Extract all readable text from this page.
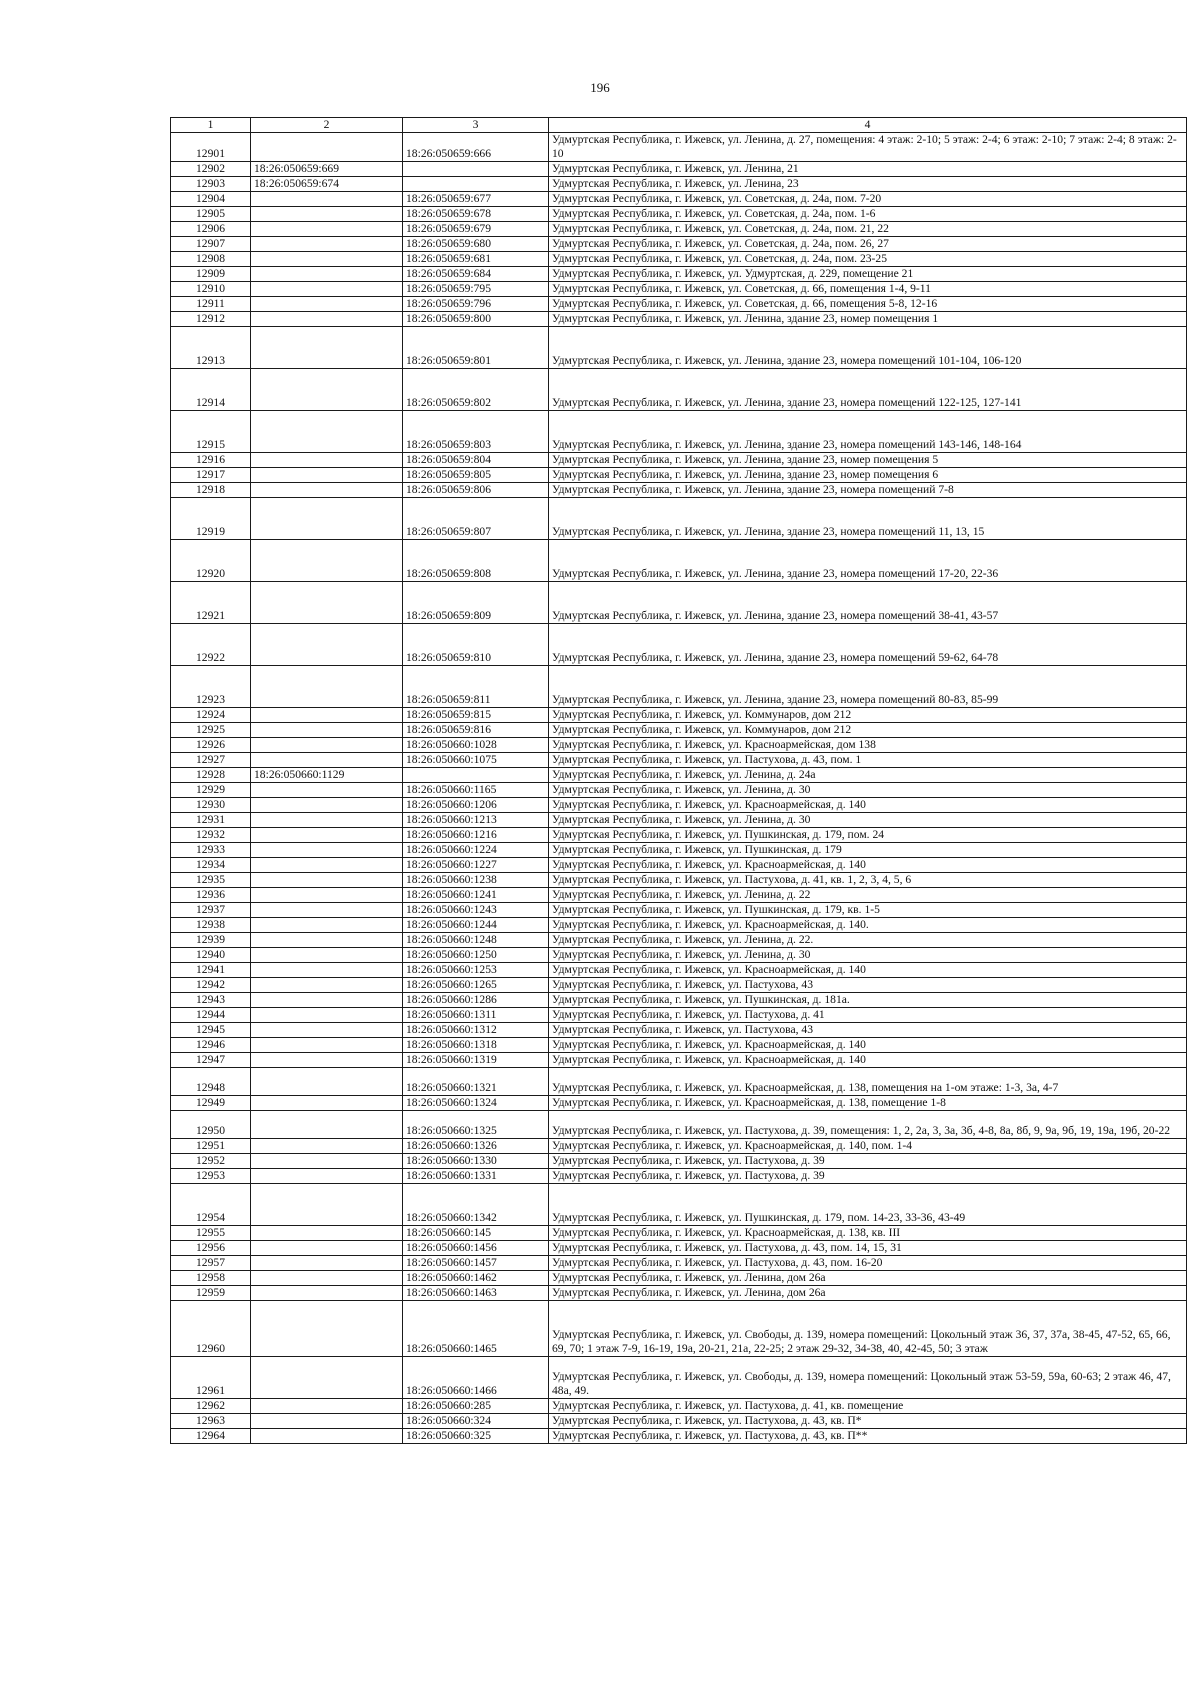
196
1	2	3	4
12901		18:26:050659:666	Удмуртская Республика, г. Ижевск, ул. Ленина, д. 27, помещения: 4 этаж: 2-10; 5 этаж: 2-4; 6 этаж: 2-10; 7 этаж: 2-4; 8 этаж: 2-10
12902	18:26:050659:669		Удмуртская Республика, г. Ижевск, ул. Ленина, 21
12903	18:26:050659:674		Удмуртская Республика, г. Ижевск, ул. Ленина, 23
12904		18:26:050659:677	Удмуртская Республика, г. Ижевск, ул. Советская, д. 24а, пом. 7-20
12905		18:26:050659:678	Удмуртская Республика, г. Ижевск, ул. Советская, д. 24а, пом. 1-6
12906		18:26:050659:679	Удмуртская Республика, г. Ижевск, ул. Советская, д. 24а, пом. 21, 22
12907		18:26:050659:680	Удмуртская Республика, г. Ижевск, ул. Советская, д. 24а, пом. 26, 27
12908		18:26:050659:681	Удмуртская Республика, г. Ижевск, ул. Советская, д. 24а, пом. 23-25
12909		18:26:050659:684	Удмуртская Республика, г. Ижевск, ул. Удмуртская, д. 229, помещение 21
12910		18:26:050659:795	Удмуртская Республика, г. Ижевск, ул. Советская, д. 66, помещения 1-4, 9-11
12911		18:26:050659:796	Удмуртская Республика, г. Ижевск, ул. Советская, д. 66, помещения 5-8, 12-16
12912		18:26:050659:800	Удмуртская Республика, г. Ижевск, ул. Ленина, здание 23, номер помещения 1
12913		18:26:050659:801	Удмуртская Республика, г. Ижевск, ул. Ленина, здание 23, номера помещений 101-104, 106-120
12914		18:26:050659:802	Удмуртская Республика, г. Ижевск, ул. Ленина, здание 23, номера помещений 122-125, 127-141
12915		18:26:050659:803	Удмуртская Республика, г. Ижевск, ул. Ленина, здание 23, номера помещений 143-146, 148-164
12916		18:26:050659:804	Удмуртская Республика, г. Ижевск, ул. Ленина, здание 23, номер помещения 5
12917		18:26:050659:805	Удмуртская Республика, г. Ижевск, ул. Ленина, здание 23, номер помещения 6
12918		18:26:050659:806	Удмуртская Республика, г. Ижевск, ул. Ленина, здание 23, номера помещений 7-8
12919		18:26:050659:807	Удмуртская Республика, г. Ижевск, ул. Ленина, здание 23, номера помещений 11, 13, 15
12920		18:26:050659:808	Удмуртская Республика, г. Ижевск, ул. Ленина, здание 23, номера помещений 17-20, 22-36
12921		18:26:050659:809	Удмуртская Республика, г. Ижевск, ул. Ленина, здание 23, номера помещений 38-41, 43-57
12922		18:26:050659:810	Удмуртская Республика, г. Ижевск, ул. Ленина, здание 23, номера помещений 59-62, 64-78
12923		18:26:050659:811	Удмуртская Республика, г. Ижевск, ул. Ленина, здание 23, номера помещений 80-83, 85-99
12924		18:26:050659:815	Удмуртская Республика, г. Ижевск, ул. Коммунаров, дом 212
12925		18:26:050659:816	Удмуртская Республика, г. Ижевск, ул. Коммунаров, дом 212
12926		18:26:050660:1028	Удмуртская Республика, г. Ижевск, ул. Красноармейская, дом 138
12927		18:26:050660:1075	Удмуртская Республика, г. Ижевск, ул. Пастухова, д. 43, пом. 1
12928	18:26:050660:1129		Удмуртская Республика, г. Ижевск, ул. Ленина, д. 24а
12929		18:26:050660:1165	Удмуртская Республика, г. Ижевск, ул. Ленина, д. 30
12930		18:26:050660:1206	Удмуртская Республика, г. Ижевск, ул. Красноармейская, д. 140
12931		18:26:050660:1213	Удмуртская Республика, г. Ижевск, ул. Ленина, д. 30
12932		18:26:050660:1216	Удмуртская Республика, г. Ижевск, ул. Пушкинская, д. 179, пом. 24
12933		18:26:050660:1224	Удмуртская Республика, г. Ижевск, ул. Пушкинская, д. 179
12934		18:26:050660:1227	Удмуртская Республика, г. Ижевск, ул. Красноармейская, д. 140
12935		18:26:050660:1238	Удмуртская Республика, г. Ижевск, ул. Пастухова, д. 41, кв. 1, 2, 3, 4, 5, 6
12936		18:26:050660:1241	Удмуртская Республика, г. Ижевск, ул. Ленина, д. 22
12937		18:26:050660:1243	Удмуртская Республика, г. Ижевск, ул. Пушкинская, д. 179, кв. 1-5
12938		18:26:050660:1244	Удмуртская Республика, г. Ижевск, ул. Красноармейская, д. 140.
12939		18:26:050660:1248	Удмуртская Республика, г. Ижевск, ул. Ленина, д. 22.
12940		18:26:050660:1250	Удмуртская Республика, г. Ижевск, ул. Ленина, д. 30
12941		18:26:050660:1253	Удмуртская Республика, г. Ижевск, ул. Красноармейская, д. 140
12942		18:26:050660:1265	Удмуртская Республика, г. Ижевск, ул. Пастухова, 43
12943		18:26:050660:1286	Удмуртская Республика, г. Ижевск, ул. Пушкинская, д. 181а.
12944		18:26:050660:1311	Удмуртская Республика, г. Ижевск, ул. Пастухова, д. 41
12945		18:26:050660:1312	Удмуртская Республика, г. Ижевск, ул. Пастухова, 43
12946		18:26:050660:1318	Удмуртская Республика, г. Ижевск, ул. Красноармейская, д. 140
12947		18:26:050660:1319	Удмуртская Республика, г. Ижевск, ул. Красноармейская, д. 140
12948		18:26:050660:1321	Удмуртская Республика, г. Ижевск, ул. Красноармейская, д. 138, помещения на 1-ом этаже: 1-3, 3а, 4-7
12949		18:26:050660:1324	Удмуртская Республика, г. Ижевск, ул. Красноармейская, д. 138, помещение 1-8
12950		18:26:050660:1325	Удмуртская Республика, г. Ижевск, ул. Пастухова, д. 39, помещения: 1, 2, 2а, 3, 3а, 3б, 4-8, 8а, 8б, 9, 9а, 9б, 19, 19а, 19б, 20-22
12951		18:26:050660:1326	Удмуртская Республика, г. Ижевск, ул. Красноармейская, д. 140, пом. 1-4
12952		18:26:050660:1330	Удмуртская Республика, г. Ижевск, ул. Пастухова, д. 39
12953		18:26:050660:1331	Удмуртская Республика, г. Ижевск, ул. Пастухова, д. 39
12954		18:26:050660:1342	Удмуртская Республика, г. Ижевск, ул. Пушкинская, д. 179, пом. 14-23, 33-36, 43-49
12955		18:26:050660:145	Удмуртская Республика, г. Ижевск, ул. Красноармейская, д. 138, кв. III
12956		18:26:050660:1456	Удмуртская Республика, г. Ижевск, ул. Пастухова, д. 43, пом. 14, 15, 31
12957		18:26:050660:1457	Удмуртская Республика, г. Ижевск, ул. Пастухова, д. 43, пом. 16-20
12958		18:26:050660:1462	Удмуртская Республика, г. Ижевск, ул. Ленина, дом 26а
12959		18:26:050660:1463	Удмуртская Республика, г. Ижевск, ул. Ленина, дом 26а
12960		18:26:050660:1465	Удмуртская Республика, г. Ижевск, ул. Свободы, д. 139, номера помещений: Цокольный этаж 36, 37, 37а, 38-45, 47-52, 65, 66, 69, 70; 1 этаж 7-9, 16-19, 19а, 20-21, 21а, 22-25; 2 этаж 29-32, 34-38, 40, 42-45, 50; 3 этаж
12961		18:26:050660:1466	Удмуртская Республика, г. Ижевск, ул. Свободы, д. 139, номера помещений: Цокольный этаж 53-59, 59а, 60-63; 2 этаж 46, 47, 48а, 49.
12962		18:26:050660:285	Удмуртская Республика, г. Ижевск, ул. Пастухова, д. 41, кв. помещение
12963		18:26:050660:324	Удмуртская Республика, г. Ижевск, ул. Пастухова, д. 43, кв. П*
12964		18:26:050660:325	Удмуртская Республика, г. Ижевск, ул. Пастухова, д. 43, кв. П**
